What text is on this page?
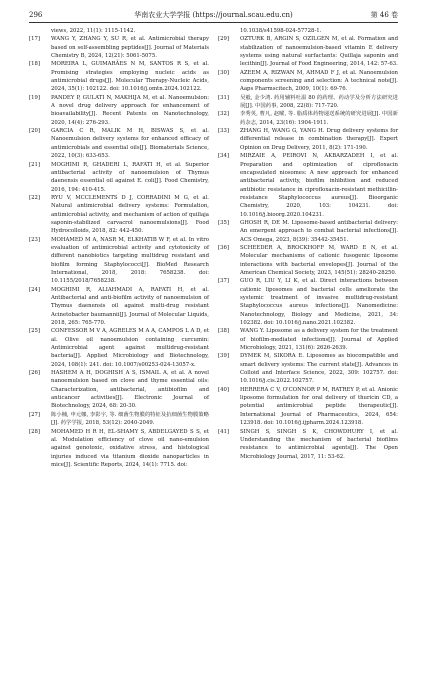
296	华南农业大学学报 (https://journal.scau.edu.cn)	第 46 卷
views, 2022, 11(1): 1115-1142.
[17] WANG Y, ZHANG Y, SU R, et al. Antimicrobial therapy based on self-assembling peptides[J]. Journal of Materials Chemistry B, 2024, 12(21): 5061-5075.
[18] MOREIRA L, GUIMARÃES N M, SANTOS R S, et al. Promising strategies employing nucleic acids as antimicrobial drugs[J]. Molecular Therapy-Nucleic Acids, 2024, 35(1): 102122. doi: 10.1016/j.omtn.2024.102122.
[19] PANDEY P, GULATI N, MAKHIJA M, et al. Nanoemulsion: A novel drug delivery approach for enhancement of bioavailability[J]. Recent Patents on Nanotechnology, 2020, 14(4): 276-293.
[20] GARCIA C R, MALIK M H, BISWAS S, et al. Nanoemulsion delivery systems for enhanced efficacy of antimicrobials and essential oils[J]. Biomaterials Science, 2022, 10(3): 633-653.
[21] MOGHIMI R, GHADERI L, RAFATI H, et al. Superior antibacterial activity of nanoemulsion of Thymus daenensis essential oil against E. coli[J]. Food Chemistry, 2016, 194: 410-415.
[22] RYU V, MCCLEMENTS D J, CORRADINI M G, et al. Natural antimicrobial delivery systems: Formulation, antimicrobial activity, and mechanism of action of quillaja saponin-stabilized carvacrol nanoemulsions[J]. Food Hydrocolloids, 2018, 82: 442-450.
[23] MOHAMED M A, NASR M, ELKHATIB W F, et al. In vitro evaluation of antimicrobial activity and cytotoxicity of different nanobiotics targeting multidrug resistant and biofilm forming Staphylococci[J]. BioMed Research International, 2018, 2018: 7658238. doi: 10.1155/2018/7658238.
[24] MOGHIMI R, ALIAHMADI A, RAFATI H, et al. Antibacterial and anti-biofilm activity of nanoemulsion of Thymus daenensis oil against multi-drug resistant Acinetobacter baumannii[J]. Journal of Molecular Liquids, 2018, 265: 765-770.
[25] CONFESSOR M V A, AGRELES M A A, CAMPOS L A D, et al. Olive oil nanoemulsion containing curcumin: Antimicrobial agent against multidrug-resistant bacteria[J]. Applied Microbiology and Biotechnology, 2024, 108(1): 241. doi: 10.1007/s00253-024-13057-x.
[26] HASHEM A H, DOGHISH A S, ISMAIL A, et al. A novel nanoemulsion based on clove and thyme essential oils: Characterization, antibacterial, antibiofilm and anticancer activities[J]. Electronic Journal of Biotechnology, 2024, 68: 20-30.
[27] 陈小楠, 申元娜, 李影宇, 等. 细菌生物膜的特征及抗细菌生物膜策略[J]. 药学学报, 2018, 53(12): 2040-2049.
[28] MOHAMED H R H, EL-SHAMY S, ABDELGAYED S S, et al. Modulation efficiency of clove oil nano-emulsion against genotoxic, oxidative stress, and histological injuries induced via titanium dioxide nanoparticles in mice[J]. Scientific Reports, 2024, 14(1): 7715. doi:
10.1038/s41598-024-57728-1.
[29] OZTURK B, ARGIN S, OZILGEN M, et al. Formation and stabilization of nanoemulsion-based vitamin E delivery systems using natural surfactants: Quillaja saponin and lecithin[J]. Journal of Food Engineering, 2014, 142: 57-63.
[30] AZEEM A, RIZWAN M, AHMAD F J, et al. Nanoemulsion components screening and selection: A technical note[J]. Aaps Pharmscitech, 2009, 10(1): 69-76.
[31] 吴毅, 金少鸿. 药用辅料吐温 80 的药理、药动学及分析方法研究进展[J]. 中国药事, 2008, 22(8): 717-720.
[32] 李秀英, 曹凡, 赵曜, 等. 脂质体药物递送系统的研究进展[J]. 中国新药杂志, 2014, 23(16): 1904-1911.
[33] ZHANG H, WANG G, YANG H. Drug delivery systems for differential release in combination therapy[J]. Expert Opinion on Drug Delivery, 2011, 8(2): 171-190.
[34] MIRZAIE A, PEIROVI N, AKBARZADEH I, et al. Preparation and optimization of ciprofloxacin encapsulated niosomes: A new approach for enhanced antibacterial activity, biofilm inhibition and reduced antibiotic resistance in ciprofloxacin-resistant methicillin-resistance Staphylococcus aureus[J]. Bioorganic Chemistry, 2020, 103: 104231. doi: 10.1016/j.bioorg.2020.104231.
[35] GHOSH R, DE M. Liposome-based antibacterial delivery: An emergent approach to combat bacterial infections[J]. ACS Omega, 2023, 8(39): 35442-35451.
[36] SCHEEDER A, BROCKHOFF M, WARD E N, et al. Molecular mechanisms of cationic fusogenic liposome interactions with bacterial envelopes[J]. Journal of the American Chemical Society, 2023, 145(51): 28240-28250.
[37] GUO R, LIU Y, LI K, et al. Direct interactions between cationic liposomes and bacterial cells ameliorate the systemic treatment of invasive multidrug-resistant Staphylococcus aureus infections[J]. Nanomedicine: Nanotechnology, Biology and Medicine, 2021, 34: 102382. doi: 10.1016/j.nano.2021.102382.
[38] WANG Y. Liposome as a delivery system for the treatment of biofilm-mediated infections[J]. Journal of Applied Microbiology, 2021, 131(6): 2626-2639.
[39] DYMEK M, SIKORA E. Liposomes as biocompatible and smart delivery systems: The current state[J]. Advances in Colloid and Interface Science, 2022, 309: 102757. doi: 10.1016/j.cis.2022.102757.
[40] HERRERA C V, O'CONNOR P M, RATREY P, et al. Anionic liposome formulation for oral delivery of thuricin CD, a potential antimicrobial peptide therapeutic[J]. International Journal of Pharmaceutics, 2024, 654: 123918. doi: 10.1016/j.ijpharm.2024.123918.
[41] SINGH S, SINGH S K, CHOWDHURY I, et al. Understanding the mechanism of bacterial biofilms resistance to antimicrobial agents[J]. The Open Microbiology Journal, 2017, 11: 53-62.
